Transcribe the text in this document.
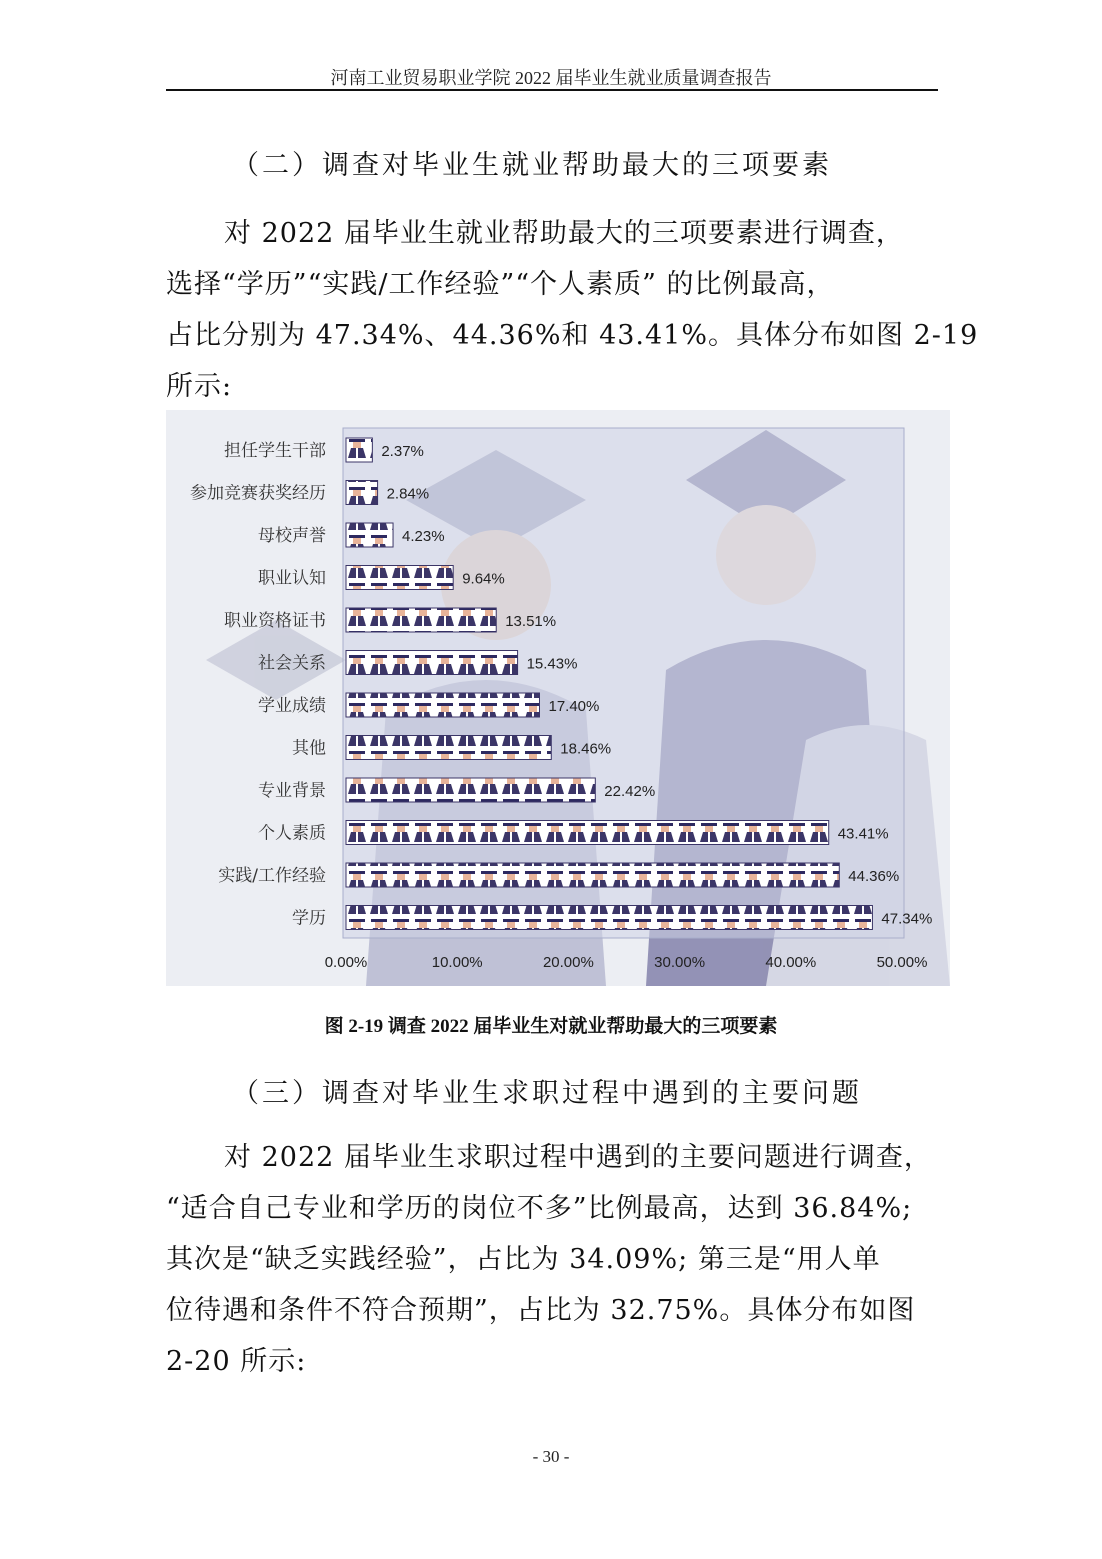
河南工业贸易职业学院 2022 届毕业生就业质量调查报告
（二）调查对毕业生就业帮助最大的三项要素
对 2022 届毕业生就业帮助最大的三项要素进行调查，
选择“学历”“实践/工作经验”“个人素质” 的比例最高，
占比分别为 47.34%、44.36%和 43.41%。具体分布如图 2-19
所示:
担任学生干部
参加竞赛获奖经历
母校声誉
职业认知
职业资格证书
社会关系
学业成绩
其他
专业背景
个人素质
实践/工作经验
学历
2.37%
2.84%
4.23%
9.64%
13.51%
15.43%
17.40%
18.46%
22.42%
43.41%
44.36%
47.34%
0.00%	10.00%	20.00%	30.00%	40.00%	50.00%
图 2-19 调查 2022 届毕业生对就业帮助最大的三项要素
（三）调查对毕业生求职过程中遇到的主要问题
对 2022 届毕业生求职过程中遇到的主要问题进行调查，
“适合自己专业和学历的岗位不多”比例最高，达到 36.84%;
其次是“缺乏实践经验”，占比为 34.09%; 第三是“用人单
位待遇和条件不符合预期”，占比为 32.75%。具体分布如图
2-20 所示:
- 30 -
